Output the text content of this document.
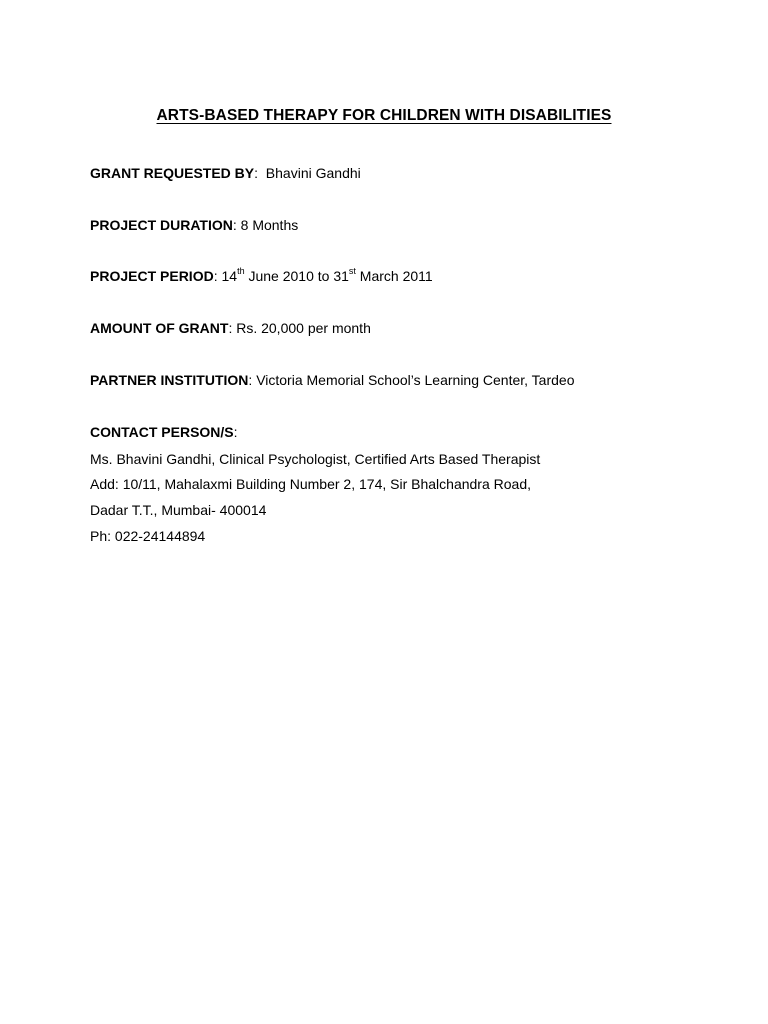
ARTS-BASED THERAPY FOR CHILDREN WITH DISABILITIES
GRANT REQUESTED BY:  Bhavini Gandhi
PROJECT DURATION: 8 Months
PROJECT PERIOD: 14th June 2010 to 31st March 2011
AMOUNT OF GRANT: Rs. 20,000 per month
PARTNER INSTITUTION: Victoria Memorial School’s Learning Center, Tardeo
CONTACT PERSON/S:
Ms. Bhavini Gandhi, Clinical Psychologist, Certified Arts Based Therapist
Add: 10/11, Mahalaxmi Building Number 2, 174, Sir Bhalchandra Road,
Dadar T.T., Mumbai- 400014
Ph: 022-24144894
